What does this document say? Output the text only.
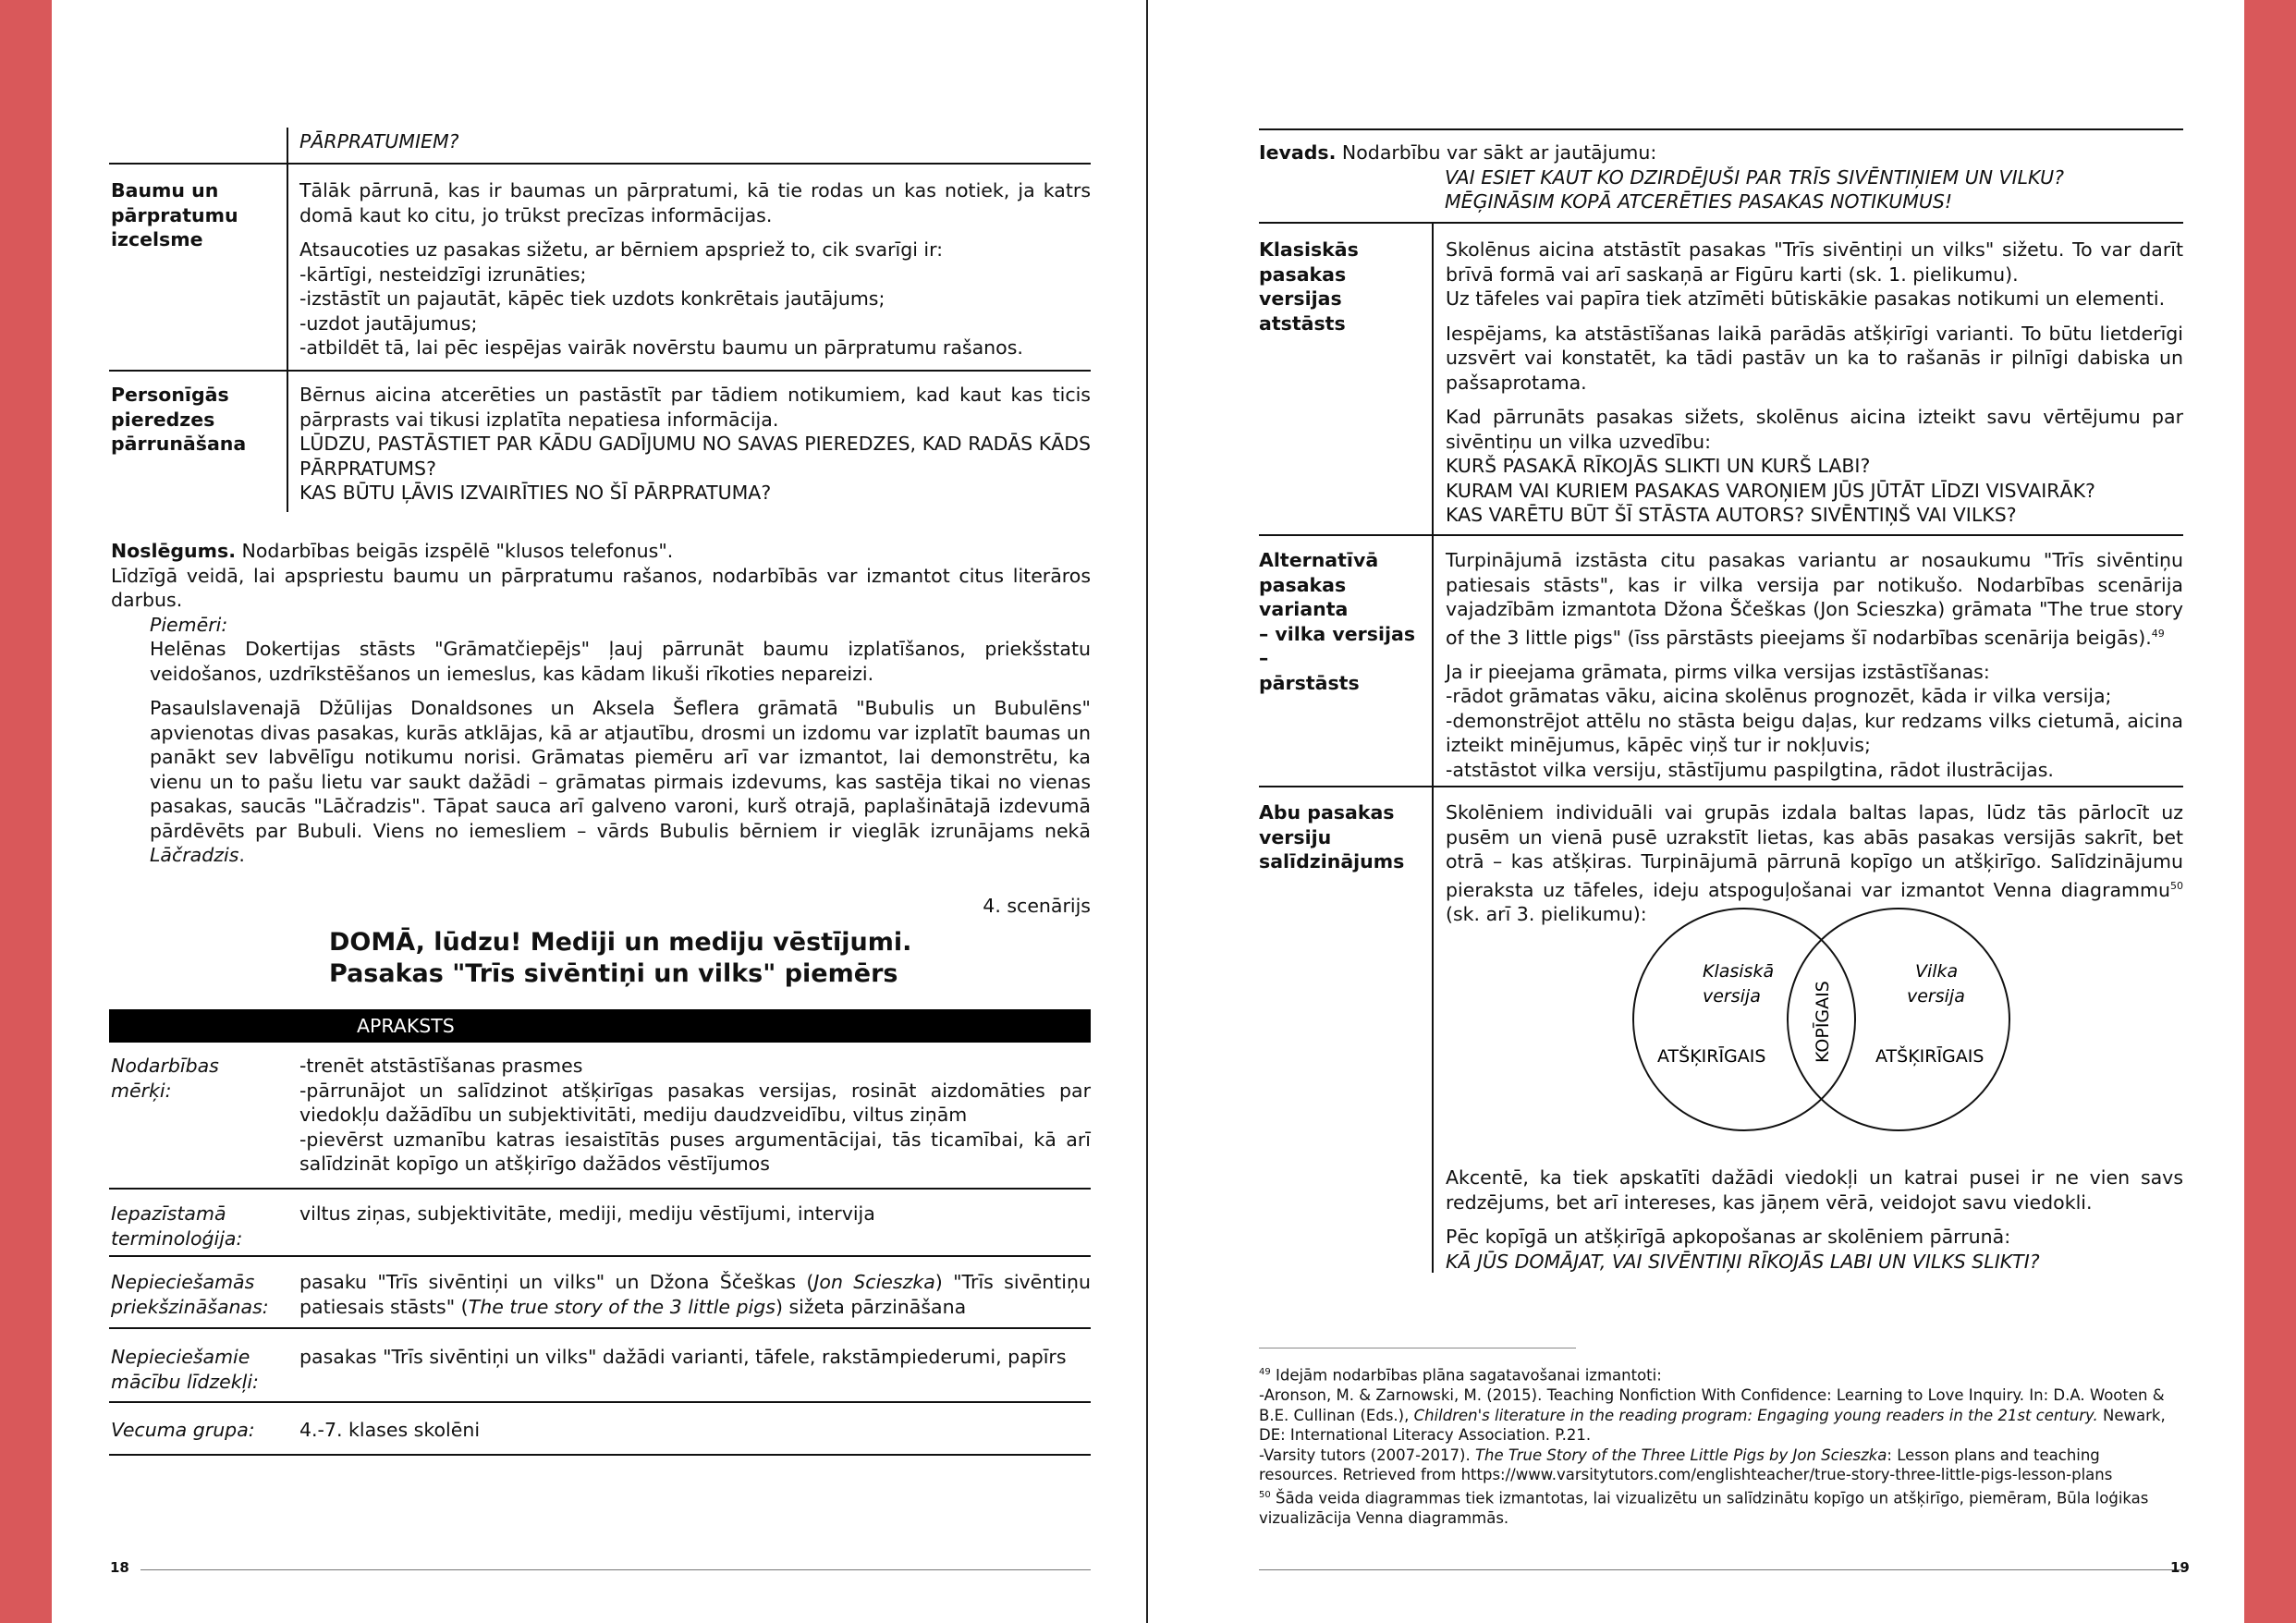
PĀRPRATUMIEM?
Baumu un
pārpratumu
izcelsme

Tālāk pārrunā, kas ir baumas un pārpratumi, kā tie rodas un kas notiek, ja katrs domā kaut ko citu, jo trūkst precīzas informācijas.

Atsaucoties uz pasakas sižetu, ar bērniem apspriež to, cik svarīgi ir:

-kārtīgi, nesteidzīgi izrunāties;

-izstāstīt un pajautāt, kāpēc tiek uzdots konkrētais jautājums;

-uzdot jautājumus;

-atbildēt tā, lai pēc iespējas vairāk novērstu baumu un pārpratumu rašanos.

Personīgās
pieredzes
pārrunāšana

Bērnus aicina atcerēties un pastāstīt par tādiem notikumiem, kad kaut kas ticis pārprasts vai tikusi izplatīta nepatiesa informācija.

LŪDZU, PASTĀSTIET PAR KĀDU GADĪJUMU NO SAVAS PIEREDZES, KAD RADĀS KĀDS PĀRPRATUMS?

KAS BŪTU ĻĀVIS IZVAIRĪTIES NO ŠĪ PĀRPRATUMA?

Noslēgums. Nodarbības beigās izspēlē "klusos telefonus".

Līdzīgā veidā, lai apspriestu baumu un pārpratumu rašanos, nodarbībās var izmantot citus literāros darbus.

Piemēri:

Helēnas Dokertijas stāsts "Grāmatčiepējs" ļauj pārrunāt baumu izplatīšanos, priekšstatu veidošanos, uzdrīkstēšanos un iemeslus, kas kādam likuši rīkoties nepareizi.

Pasaulslavenajā Džūlijas Donaldsones un Aksela Šeflera grāmatā "Bubulis un Bubulēns" apvienotas divas pasakas, kurās atklājas, kā ar atjautību, drosmi un izdomu var izplatīt baumas un panākt sev labvēlīgu notikumu norisi. Grāmatas piemēru arī var izmantot, lai demonstrētu, ka vienu un to pašu lietu var saukt dažādi – grāmatas pirmais izdevums, kas sastēja tikai no vienas pasakas, saucās "Lāčradzis". Tāpat sauca arī galveno varoni, kurš otrajā, paplašinātajā izdevumā pārdēvēts par Bubuli. Viens no iemesliem – vārds Bubulis bērniem ir vieglāk izrunājams nekā Lāčradzis.

4. scenārijs
DOMĀ, lūdzu! Mediji un mediju vēstījumi.
Pasakas "Trīs sivēntiņi un vilks" piemērs
APRAKSTS
Nodarbības mērķi:

-trenēt atstāstīšanas prasmes

-pārrunājot un salīdzinot atšķirīgas pasakas versijas, rosināt aizdomāties par viedokļu dažādību un subjektivitāti, mediju daudzveidību, viltus ziņām

-pievērst uzmanību katras iesaistītās puses argumentācijai, tās ticamībai, kā arī salīdzināt kopīgo un atšķirīgo dažādos vēstījumos

Iepazīstamā terminoloģija:
viltus ziņas, subjektivitāte, mediji, mediju vēstījumi, intervija
Nepieciešamās priekšzināšanas:

pasaku "Trīs sivēntiņi un vilks" un Džona Ščeškas (Jon Scieszka) "Trīs sivēntiņu patiesais stāsts" (The true story of the 3 little pigs) sižeta pārzināšana

Nepieciešamie mācību līdzekļi:
pasakas "Trīs sivēntiņi un vilks" dažādi varianti, tāfele, rakstāmpiederumi, papīrs
Vecuma grupa:	4.-7. klases skolēni
18

Ievads. Nodarbību var sākt ar jautājumu:

VAI ESIET KAUT KO DZIRDĒJUŠI PAR TRĪS SIVĒNTIŅIEM UN VILKU?

MĒĢINĀSIM KOPĀ ATCERĒTIES PASAKAS NOTIKUMUS!

Klasiskās pasakas
versijas atstāsts

Skolēnus aicina atstāstīt pasakas "Trīs sivēntiņi un vilks" sižetu. To var darīt brīvā formā vai arī saskaņā ar Figūru karti (sk. 1. pielikumu).

Uz tāfeles vai papīra tiek atzīmēti būtiskākie pasakas notikumi un elementi.

Iespējams, ka atstāstīšanas laikā parādās atšķirīgi varianti. To būtu lietderīgi uzsvērt vai konstatēt, ka tādi pastāv un ka to rašanās ir pilnīgi dabiska un pašsaprotama.

Kad pārrunāts pasakas sižets, skolēnus aicina izteikt savu vērtējumu par sivēntiņu un vilka uzvedību:

KURŠ PASAKĀ RĪKOJĀS SLIKTI UN KURŠ LABI?

KURAM VAI KURIEM PASAKAS VAROŅIEM JŪS JŪTĀT LĪDZI VISVAIRĀK?

KAS VARĒTU BŪT ŠĪ STĀSTA AUTORS? SIVĒNTIŅŠ VAI VILKS?

Alternatīvā
pasakas varianta
– vilka versijas –
pārstāsts

Turpinājumā izstāsta citu pasakas variantu ar nosaukumu "Trīs sivēntiņu patiesais stāsts", kas ir vilka versija par notikušo. Nodarbības scenārija vajadzībām izmantota Džona Ščeškas (Jon Scieszka) grāmata "The true story of the 3 little pigs" (īss pārstāsts pieejams šī nodarbības scenārija beigās).$^{49}$

Ja ir pieejama grāmata, pirms vilka versijas izstāstīšanas:

-rādot grāmatas vāku, aicina skolēnus prognozēt, kāda ir vilka versija;

-demonstrējot attēlu no stāsta beigu daļas, kur redzams vilks cietumā, aicina izteikt minējumus, kāpēc viņš tur ir nokļuvis;

-atstāstot vilka versiju, stāstījumu paspilgtina, rādot ilustrācijas.

Abu pasakas
versiju
salīdzinājums

Skolēniem individuāli vai grupās izdala baltas lapas, lūdz tās pārlocīt uz pusēm un vienā pusē uzrakstīt lietas, kas abās pasakas versijās sakrīt, bet otrā – kas atšķiras. Turpinājumā pārrunā kopīgo un atšķirīgo. Salīdzinājumu pieraksta uz tāfeles, ideju atspoguļošanai var izmantot Venna diagrammu$^{50}$ (sk. arī 3. pielikumu):

Klasiskā
versija
Vilka
versija
ATŠĶIRĪGAIS	ATŠĶIRĪGAIS
KOPĪGAIS

Akcentē, ka tiek apskatīti dažādi viedokļi un katrai pusei ir ne vien savs redzējums, bet arī intereses, kas jāņem vērā, veidojot savu viedokli.

Pēc kopīgā un atšķirīgā apkopošanas ar skolēniem pārrunā:

KĀ JŪS DOMĀJAT, VAI SIVĒNTIŅI RĪKOJĀS LABI UN VILKS SLIKTI?

$^{49}$ Idejām nodarbības plāna sagatavošanai izmantoti:

-Aronson, M. & Zarnowski, M. (2015). Teaching Nonfiction With Confidence: Learning to Love Inquiry. In: D.A. Wooten & B.E. Cullinan (Eds.), Children's literature in the reading program: Engaging young readers in the 21st century. Newark, DE: International Literacy Association. P.21.

-Varsity tutors (2007-2017). The True Story of the Three Little Pigs by Jon Scieszka: Lesson plans and teaching resources. Retrieved from https://www.varsitytutors.com/englishteacher/true-story-three-little-pigs-lesson-plans

$^{50}$ Šāda veida diagrammas tiek izmantotas, lai vizualizētu un salīdzinātu kopīgo un atšķirīgo, piemēram, Būla loģikas vizualizācija Venna diagrammās.

19
